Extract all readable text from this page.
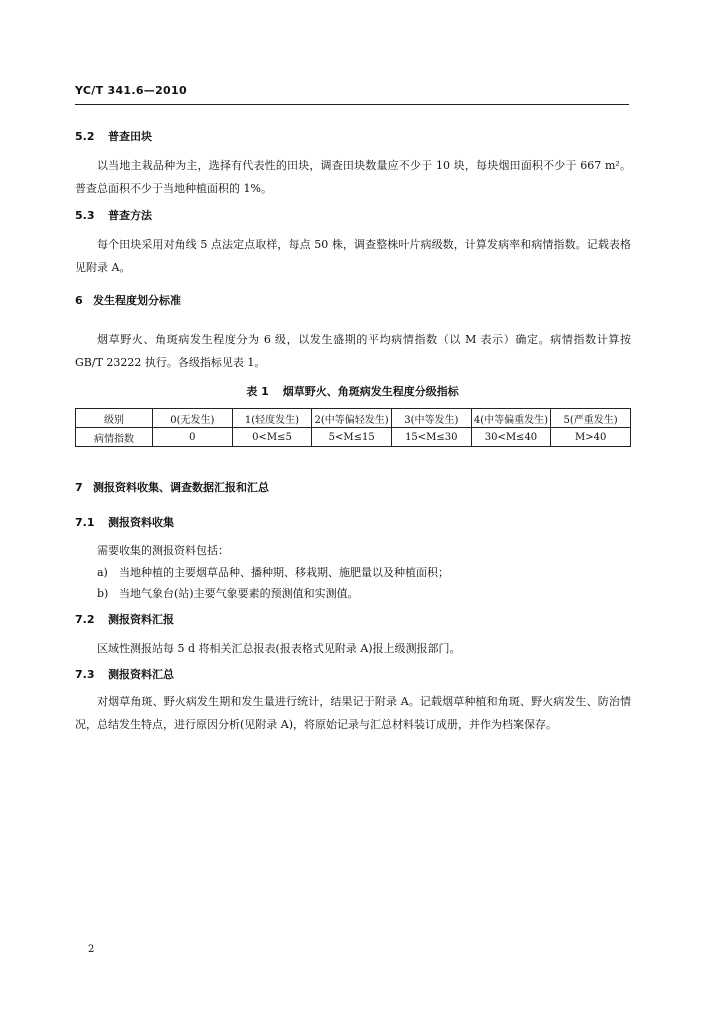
YC/T 341.6—2010
5.2 普查田块
以当地主栽品种为主，选择有代表性的田块，调查田块数量应不少于 10 块，每块烟田面积不少于 667 m²。普查总面积不少于当地种植面积的 1%。
5.3 普查方法
每个田块采用对角线 5 点法定点取样，每点 50 株，调查整株叶片病级数，计算发病率和病情指数。记载表格见附录 A。
6 发生程度划分标准
烟草野火、角斑病发生程度分为 6 级，以发生盛期的平均病情指数（以 M 表示）确定。病情指数计算按 GB/T 23222 执行。各级指标见表 1。
表 1 烟草野火、角斑病发生程度分级指标
级别	0(无发生)	1(轻度发生)	2(中等偏轻发生)	3(中等发生)	4(中等偏重发生)	5(严重发生)
病情指数	0	0<M≤5	5<M≤15	15<M≤30	30<M≤40	M>40
7 测报资料收集、调查数据汇报和汇总
7.1 测报资料收集
需要收集的测报资料包括：
a) 当地种植的主要烟草品种、播种期、移栽期、施肥量以及种植面积；
b) 当地气象台(站)主要气象要素的预测值和实测值。
7.2 测报资料汇报
区域性测报站每 5 d 将相关汇总报表(报表格式见附录 A)报上级测报部门。
7.3 测报资料汇总
对烟草角斑、野火病发生期和发生量进行统计，结果记于附录 A。记载烟草种植和角斑、野火病发生、防治情况，总结发生特点，进行原因分析(见附录 A)，将原始记录与汇总材料装订成册，并作为档案保存。
2
